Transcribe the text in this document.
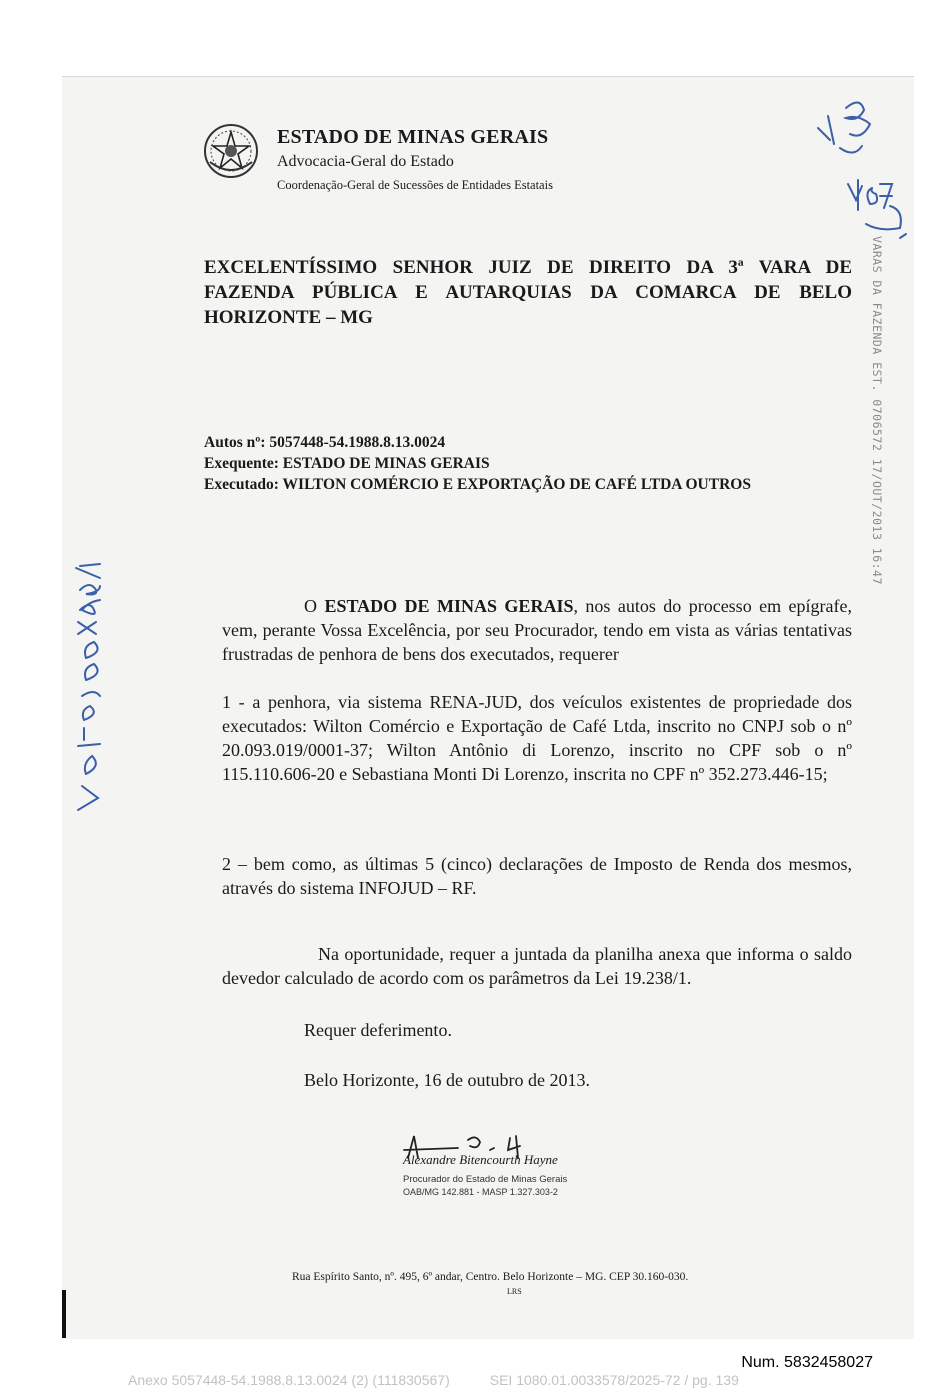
ESTADO DE MINAS GERAIS
Advocacia-Geral do Estado
Coordenação-Geral de Sucessões de Entidades Estatais
EXCELENTÍSSIMO SENHOR JUIZ DE DIREITO DA 3ª VARA DE FAZENDA PÚBLICA E AUTARQUIAS DA COMARCA DE BELO HORIZONTE – MG
Autos nº: 5057448-54.1988.8.13.0024
Exequente: ESTADO DE MINAS GERAIS
Executado: WILTON COMÉRCIO E EXPORTAÇÃO DE CAFÉ LTDA OUTROS
O ESTADO DE MINAS GERAIS, nos autos do processo em epígrafe, vem, perante Vossa Excelência, por seu Procurador, tendo em vista as várias tentativas frustradas de penhora de bens dos executados, requerer
1 - a penhora, via sistema RENA-JUD, dos veículos existentes de propriedade dos executados: Wilton Comércio e Exportação de Café Ltda, inscrito no CNPJ sob o nº 20.093.019/0001-37; Wilton Antônio di Lorenzo, inscrito no CPF sob o nº 115.110.606-20 e Sebastiana Monti Di Lorenzo, inscrita no CPF nº 352.273.446-15;
2 – bem como, as últimas 5 (cinco) declarações de Imposto de Renda dos mesmos, através do sistema INFOJUD – RF.
Na oportunidade, requer a juntada da planilha anexa que informa o saldo devedor calculado de acordo com os parâmetros da Lei 19.238/1.
Requer deferimento.
Belo Horizonte, 16 de outubro de 2013.
Alexandre Bitencourth Hayne
Procurador do Estado de Minas Gerais
OAB/MG 142.881 - MASP 1.327.303-2
Rua Espírito Santo, nº. 495, 6º andar, Centro. Belo Horizonte – MG. CEP 30.160-030.
LRS
VARAS DA FAZENDA EST. 0706572 17/OUT/2013 16:47
Num. 5832458027
Anexo 5057448-54.1988.8.13.0024 (2) (111830567)	SEI 1080.01.0033578/2025-72 / pg. 139
